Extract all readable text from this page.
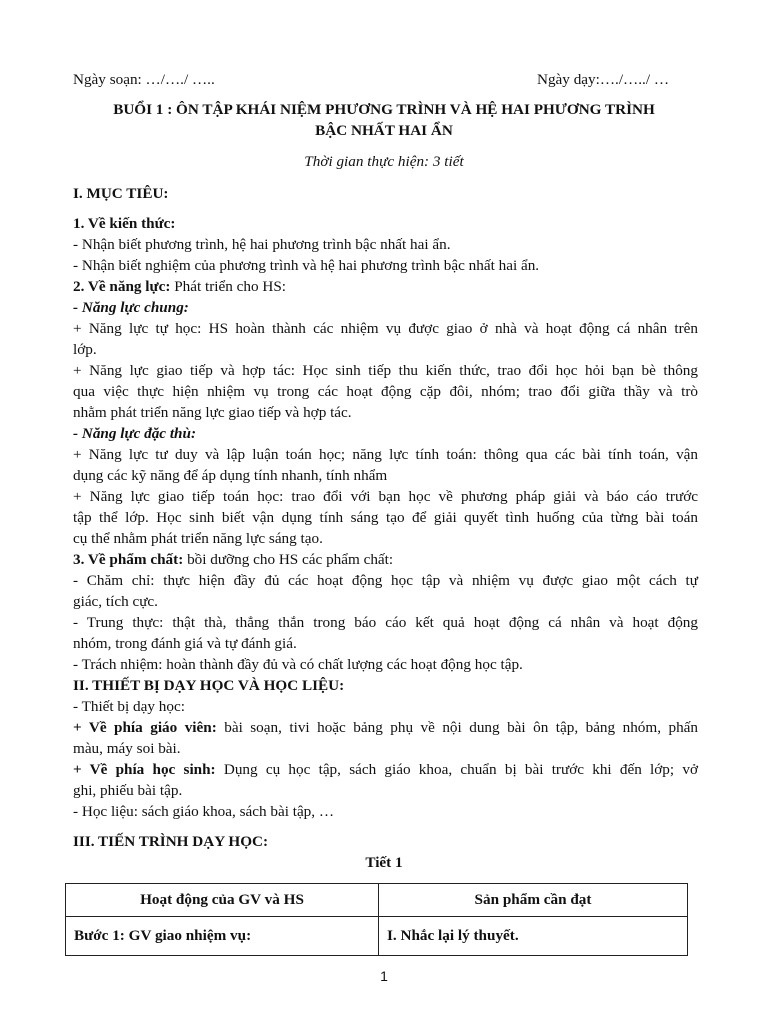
Ngày soạn: …/…./ …..	Ngày dạy:…./…../ …
BUỔI 1 : ÔN TẬP KHÁI NIỆM PHƯƠNG TRÌNH VÀ HỆ HAI PHƯƠNG TRÌNH
BẬC NHẤT HAI ẨN
Thời gian thực hiện: 3 tiết
I. MỤC TIÊU:
1. Về kiến thức:
- Nhận biết phương trình, hệ hai phương trình bậc nhất hai ẩn.
- Nhận biết nghiệm của phương trình và hệ hai phương trình bậc nhất hai ẩn.
2. Về năng lực: Phát triển cho HS:
- Năng lực chung:
+ Năng lực tự học: HS hoàn thành các nhiệm vụ được giao ở nhà và hoạt động cá nhân trên
lớp.
+ Năng lực giao tiếp và hợp tác: Học sinh tiếp thu kiến thức, trao đổi học hỏi bạn bè thông
qua việc thực hiện nhiệm vụ trong các hoạt động cặp đôi, nhóm; trao đổi giữa thầy và trò
nhằm phát triển năng lực giao tiếp và hợp tác.
- Năng lực đặc thù:
+ Năng lực tư duy và lập luận toán học; năng lực tính toán: thông qua các bài tính toán, vận
dụng các kỹ năng để áp dụng tính nhanh, tính nhẩm
+ Năng lực giao tiếp toán học: trao đổi với bạn học về phương pháp giải và báo cáo trước
tập thể lớp. Học sinh biết vận dụng tính sáng tạo để giải quyết tình huống của từng bài toán
cụ thể nhằm phát triển năng lực sáng tạo.
3. Về phẩm chất: bồi dưỡng cho HS các phẩm chất:
- Chăm chỉ: thực hiện đầy đủ các hoạt động học tập và nhiệm vụ được giao một cách tự
giác, tích cực.
- Trung thực: thật thà, thẳng thắn trong báo cáo kết quả hoạt động cá nhân và hoạt động
nhóm, trong đánh giá và tự đánh giá.
- Trách nhiệm: hoàn thành đầy đủ và có chất lượng các hoạt động học tập.
II. THIẾT BỊ DẠY HỌC VÀ HỌC LIỆU:
- Thiết bị dạy học:
+ Về phía giáo viên: bài soạn, tivi hoặc bảng phụ về nội dung bài ôn tập, bảng nhóm, phấn
màu, máy soi bài.
+ Về phía học sinh: Dụng cụ học tập, sách giáo khoa, chuẩn bị bài trước khi đến lớp; vở
ghi, phiếu bài tập.
- Học liệu: sách giáo khoa, sách bài tập, …
III. TIẾN TRÌNH DẠY HỌC:
Tiết 1
Hoạt động của GV và HS	Sản phẩm cần đạt
Bước 1: GV giao nhiệm vụ:	I. Nhắc lại lý thuyết.
1
